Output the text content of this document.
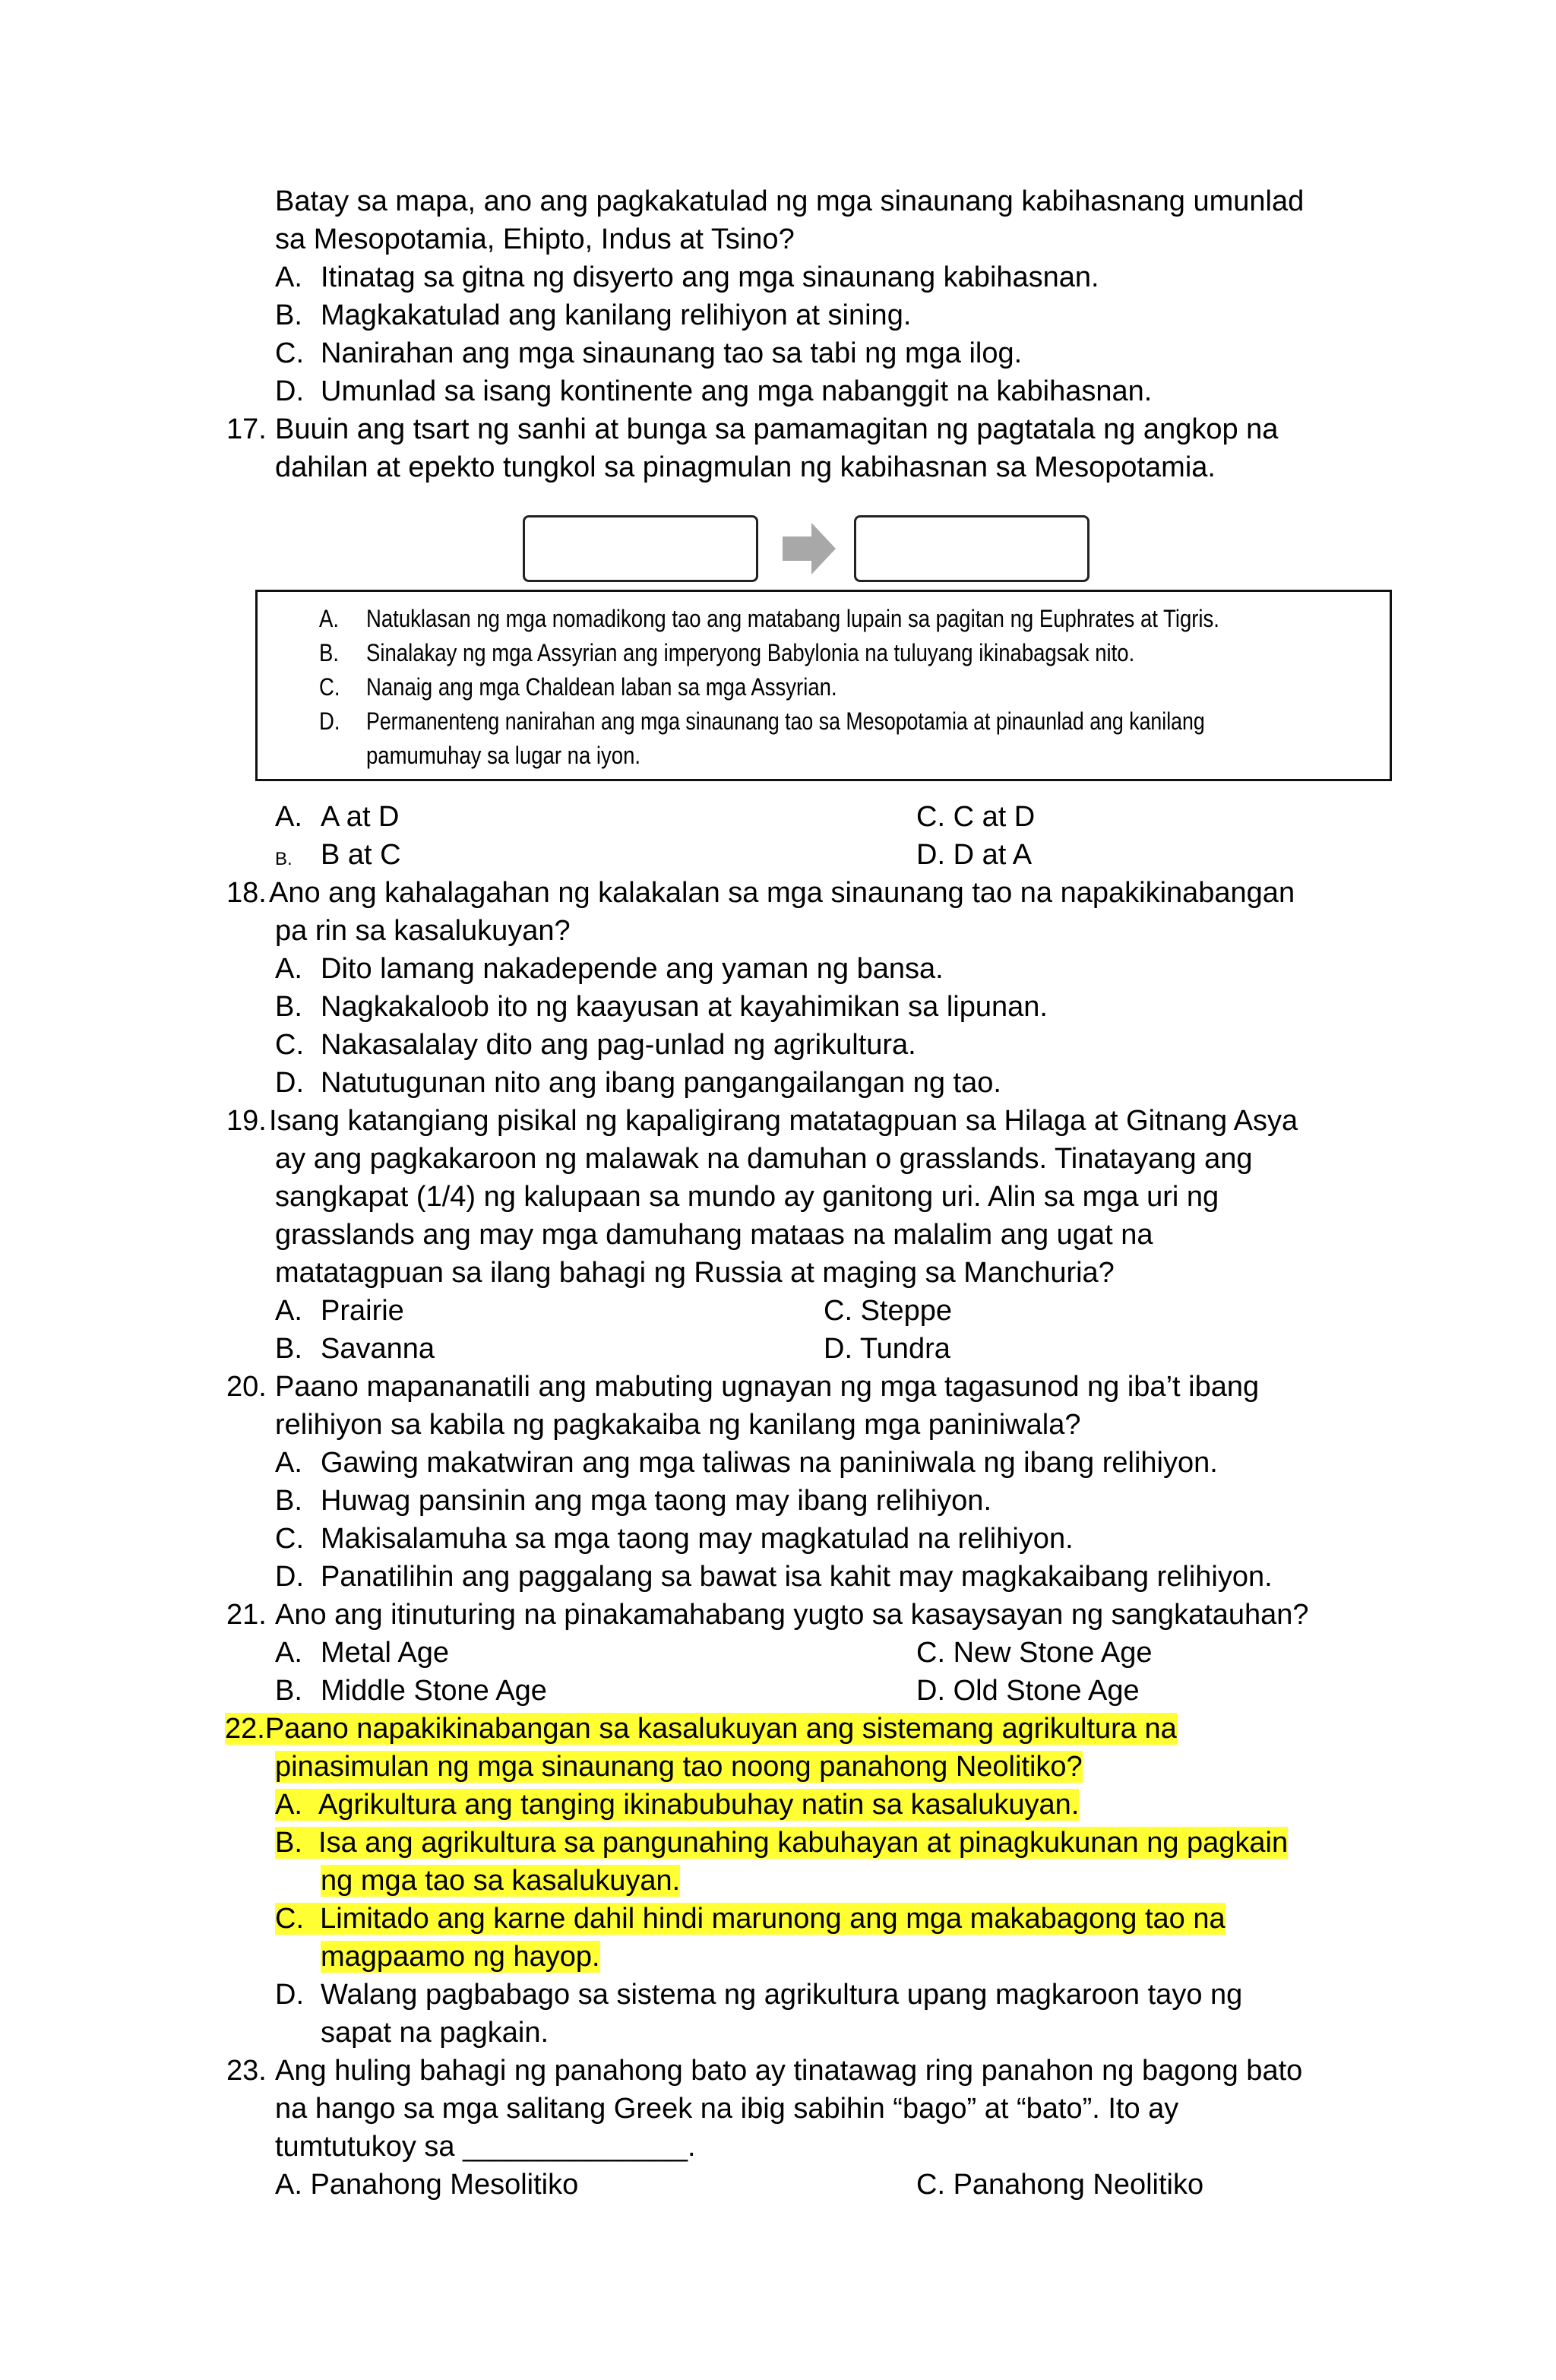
Batay sa mapa, ano ang pagkakatulad ng mga sinaunang kabihasnang umunlad
sa Mesopotamia, Ehipto, Indus at Tsino?
A. Itinatag sa gitna ng disyerto ang mga sinaunang kabihasnan.
B. Magkakatulad ang kanilang relihiyon at sining.
C. Nanirahan ang mga sinaunang tao sa tabi ng mga ilog.
D. Umunlad sa isang kontinente ang mga nabanggit na kabihasnan.
17. Buuin ang tsart ng sanhi at bunga sa pamamagitan ng pagtatala ng angkop na
dahilan at epekto tungkol sa pinagmulan ng kabihasnan sa Mesopotamia.
A. Natuklasan ng mga nomadikong tao ang matabang lupain sa pagitan ng Euphrates at Tigris.
B. Sinalakay ng mga Assyrian ang imperyong Babylonia na tuluyang ikinabagsak nito.
C. Nanaig ang mga Chaldean laban sa mga Assyrian.
D. Permanenteng nanirahan ang mga sinaunang tao sa Mesopotamia at pinaunlad ang kanilang
pamumuhay sa lugar na iyon.
A. A at D	C. C at D
B. B at C	D. D at A
18. Ano ang kahalagahan ng kalakalan sa mga sinaunang tao na napakikinabangan
pa rin sa kasalukuyan?
A. Dito lamang nakadepende ang yaman ng bansa.
B. Nagkakaloob ito ng kaayusan at kayahimikan sa lipunan.
C. Nakasalalay dito ang pag-unlad ng agrikultura.
D. Natutugunan nito ang ibang pangangailangan ng tao.
19. Isang katangiang pisikal ng kapaligirang matatagpuan sa Hilaga at Gitnang Asya
ay ang pagkakaroon ng malawak na damuhan o grasslands. Tinatayang ang
sangkapat (1/4) ng kalupaan sa mundo ay ganitong uri. Alin sa mga uri ng
grasslands ang may mga damuhang mataas na malalim ang ugat na
matatagpuan sa ilang bahagi ng Russia at maging sa Manchuria?
A. Prairie	C. Steppe
B. Savanna	D. Tundra
20. Paano mapananatili ang mabuting ugnayan ng mga tagasunod ng iba’t ibang
relihiyon sa kabila ng pagkakaiba ng kanilang mga paniniwala?
A. Gawing makatwiran ang mga taliwas na paniniwala ng ibang relihiyon.
B. Huwag pansinin ang mga taong may ibang relihiyon.
C. Makisalamuha sa mga taong may magkatulad na relihiyon.
D. Panatilihin ang paggalang sa bawat isa kahit may magkakaibang relihiyon.
21. Ano ang itinuturing na pinakamahabang yugto sa kasaysayan ng sangkatauhan?
A. Metal Age	C. New Stone Age
B. Middle Stone Age	D. Old Stone Age
22.Paano napakikinabangan sa kasalukuyan ang sistemang agrikultura na
pinasimulan ng mga sinaunang tao noong panahong Neolitiko?
A. Agrikultura ang tanging ikinabubuhay natin sa kasalukuyan.
B. Isa ang agrikultura sa pangunahing kabuhayan at pinagkukunan ng pagkain
ng mga tao sa kasalukuyan.
C. Limitado ang karne dahil hindi marunong ang mga makabagong tao na
magpaamo ng hayop.
D. Walang pagbabago sa sistema ng agrikultura upang magkaroon tayo ng
sapat na pagkain.
23. Ang huling bahagi ng panahong bato ay tinatawag ring panahon ng bagong bato
na hango sa mga salitang Greek na ibig sabihin “bago” at “bato”. Ito ay
tumtutukoy sa ______________.
A. Panahong Mesolitiko	C. Panahong Neolitiko
